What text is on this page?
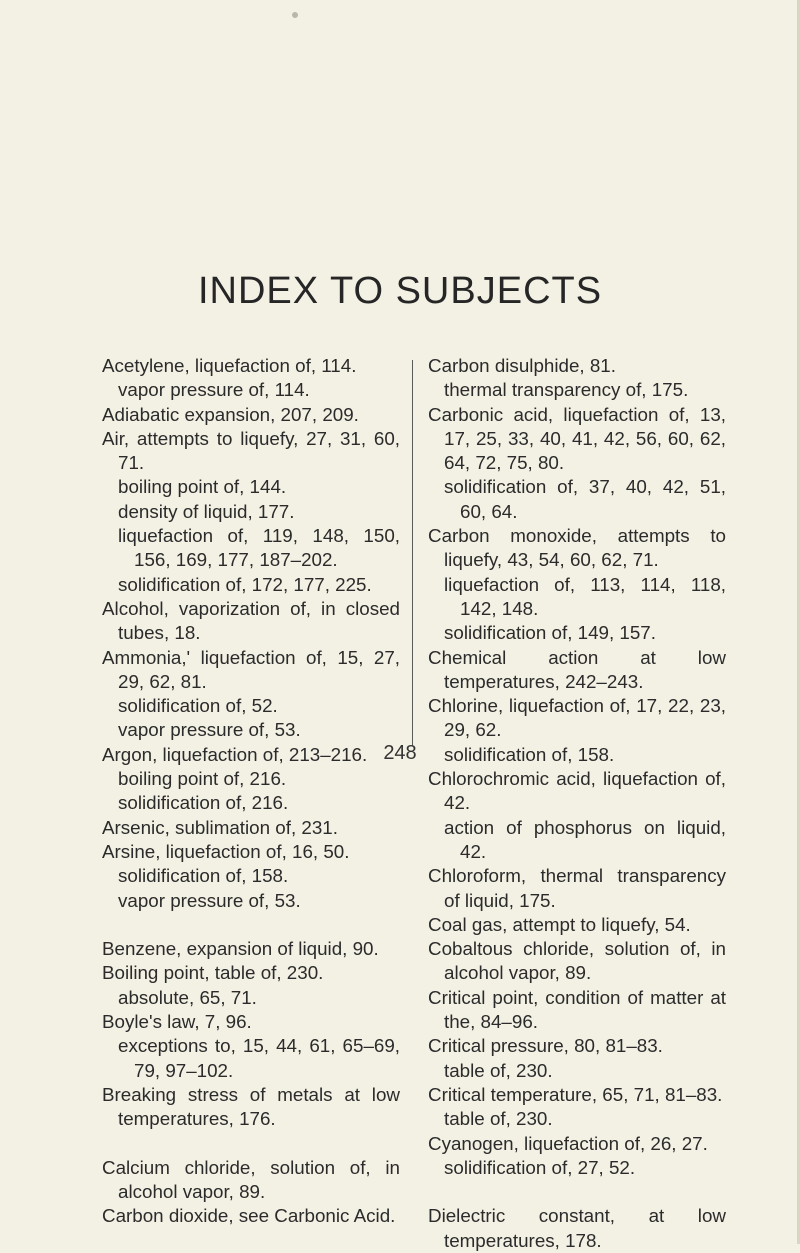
INDEX TO SUBJECTS
Acetylene, liquefaction of, 114.
vapor pressure of, 114.
Adiabatic expansion, 207, 209.
Air, attempts to liquefy, 27, 31, 60, 71.
boiling point of, 144.
density of liquid, 177.
liquefaction of, 119, 148, 150, 156, 169, 177, 187–202.
solidification of, 172, 177, 225.
Alcohol, vaporization of, in closed tubes, 18.
Ammonia,' liquefaction of, 15, 27, 29, 62, 81.
solidification of, 52.
vapor pressure of, 53.
Argon, liquefaction of, 213–216.
boiling point of, 216.
solidification of, 216.
Arsenic, sublimation of, 231.
Arsine, liquefaction of, 16, 50.
solidification of, 158.
vapor pressure of, 53.
Benzene, expansion of liquid, 90.
Boiling point, table of, 230.
absolute, 65, 71.
Boyle's law, 7, 96.
exceptions to, 15, 44, 61, 65–69, 79, 97–102.
Breaking stress of metals at low temperatures, 176.
Calcium chloride, solution of, in alcohol vapor, 89.
Carbon dioxide, see Carbonic Acid.
Carbon disulphide, 81.
thermal transparency of, 175.
Carbonic acid, liquefaction of, 13, 17, 25, 33, 40, 41, 42, 56, 60, 62, 64, 72, 75, 80.
solidification of, 37, 40, 42, 51, 60, 64.
Carbon monoxide, attempts to liquefy, 43, 54, 60, 62, 71.
liquefaction of, 113, 114, 118, 142, 148.
solidification of, 149, 157.
Chemical action at low temperatures, 242–243.
Chlorine, liquefaction of, 17, 22, 23, 29, 62.
solidification of, 158.
Chlorochromic acid, liquefaction of, 42.
action of phosphorus on liquid, 42.
Chloroform, thermal transparency of liquid, 175.
Coal gas, attempt to liquefy, 54.
Cobaltous chloride, solution of, in alcohol vapor, 89.
Critical point, condition of matter at the, 84–96.
Critical pressure, 80, 81–83.
table of, 230.
Critical temperature, 65, 71, 81–83.
table of, 230.
Cyanogen, liquefaction of, 26, 27.
solidification of, 27, 52.
Dielectric constant, at low temperatures, 178.
248
